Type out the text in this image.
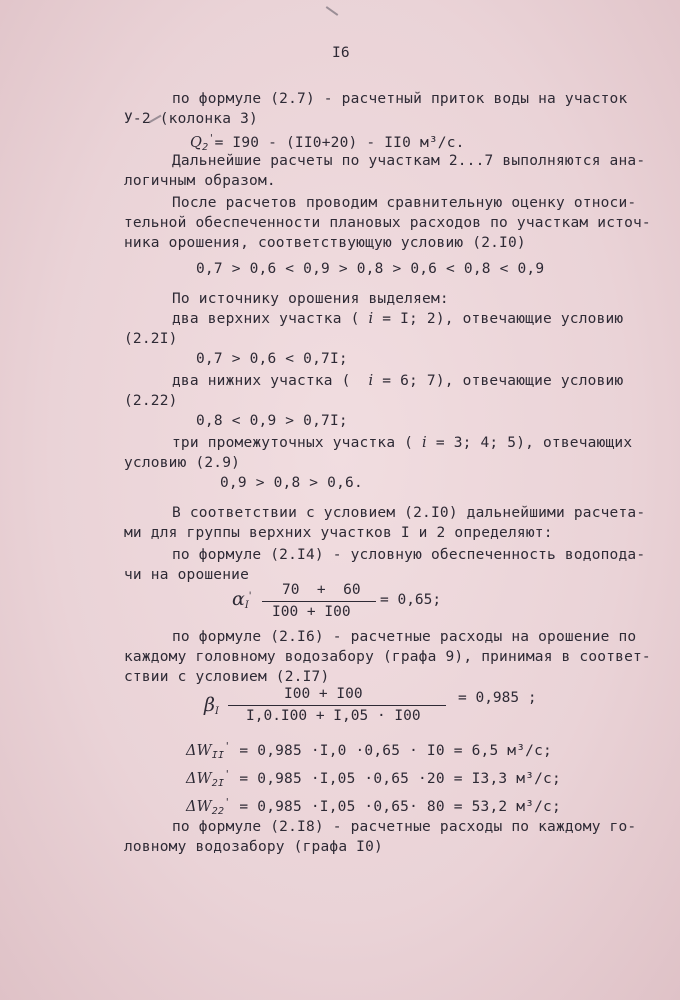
I6
по формуле (2.7) - расчетный приток воды на участок
У-2 (колонка 3)
$Q_2'= I90 - (II0+20) - II0$ м³/с.
Дальнейшие расчеты по участкам 2...7 выполняются ана-
логичным образом.
После расчетов проводим сравнительную оценку относи-
тельной обеспеченности плановых расходов по участкам источ-
ника орошения, соответствующую условию (2.I0)
0,7 > 0,6 < 0,9 > 0,8 > 0,6 < 0,8 < 0,9
По источнику орошения выделяем:
два верхних участка ( i = I; 2), отвечающие условию
(2.2I)
0,7 > 0,6 < 0,7I;
два нижних участка ( i = 6; 7), отвечающие условию
(2.22)
0,8 < 0,9 > 0,7I;
три промежуточных участка ( i = 3; 4; 5), отвечающих
условию (2.9)
0,9 > 0,8 > 0,6.
В соответствии с условием (2.I0) дальнейшими расчета-
ми для группы верхних участков I и 2 определяют:
по формуле (2.I4) - условную обеспеченность водопода-
чи на орошение
$\alpha_I'$ 70  +  60
I00 + I00
= 0,65;
по формуле (2.I6) - расчетные расходы на орошение по
каждому головному водозабору (графа 9), принимая в соответ-
ствии с условием (2.I7)
$\beta_I$
I00 + I00
I,0.I00 + I,05 · I00
= 0,985 ;
$\Delta W_{II}' = 0,985 \cdot I,0 \cdot 0,65 \cdot I0 = 6,5$ м³/с;
$\Delta W_{2I}' = 0,985 \cdot I,05 \cdot 0,65 \cdot 20 = I3,3$ м³/с;
$\Delta W_{22}' = 0,985 \cdot I,05 \cdot 0,65\cdot 80 = 53,2$ м³/с;
по формуле (2.I8) - расчетные расходы по каждому го-
ловному водозабору (графа I0)
